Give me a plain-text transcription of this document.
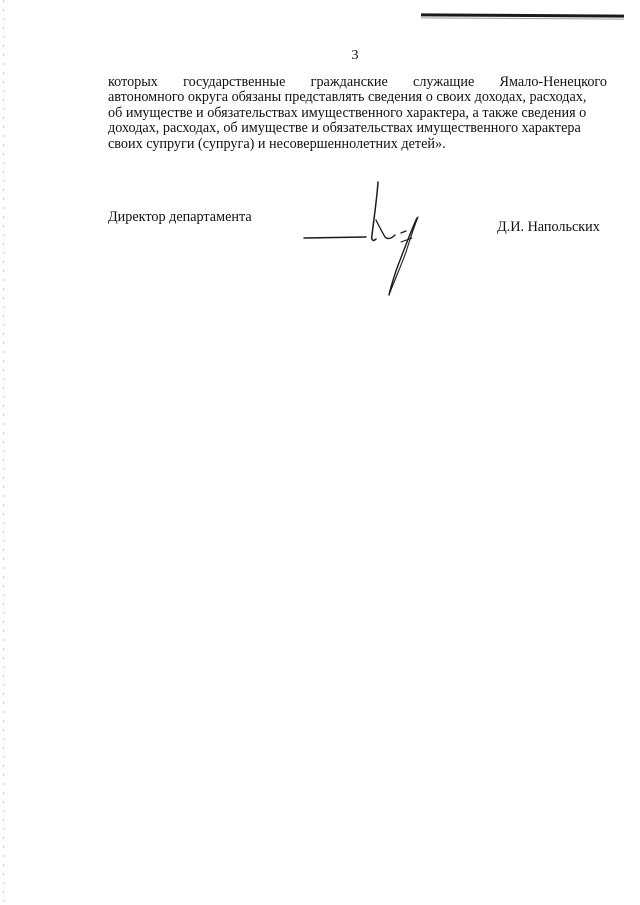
3
которых государственные гражданские служащие Ямало-Ненецкого
автономного округа обязаны представлять сведения о своих доходах, расходах,
об имуществе и обязательствах имущественного характера, а также сведения о
доходах, расходах, об имуществе и обязательствах имущественного характера
своих супруги (супруга) и несовершеннолетних детей».
Директор департамента
Д.И. Напольских
